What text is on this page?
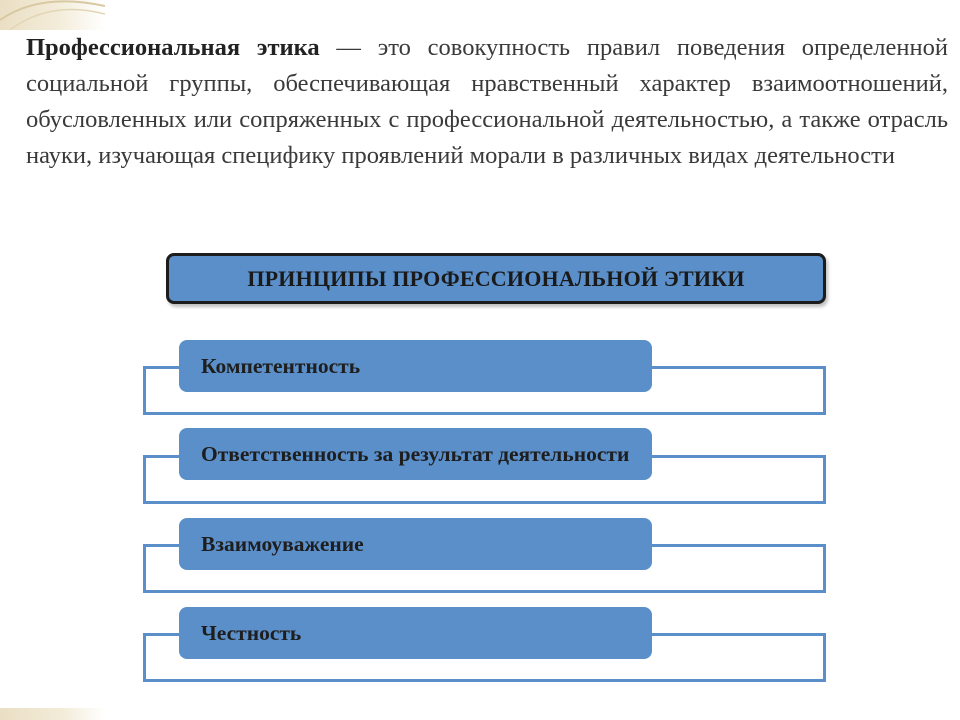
Профессиональная этика — это совокупность правил поведения определенной социальной группы, обеспечивающая нравственный характер взаимоотношений, обусловленных или сопряженных с профессиональной деятельностью, а также отрасль науки, изучающая специфику проявлений морали в различных видах деятельности

ПРИНЦИПЫ ПРОФЕССИОНАЛЬНОЙ ЭТИКИ
Компетентность
Ответственность за результат деятельности
Взаимоуважение
Честность
